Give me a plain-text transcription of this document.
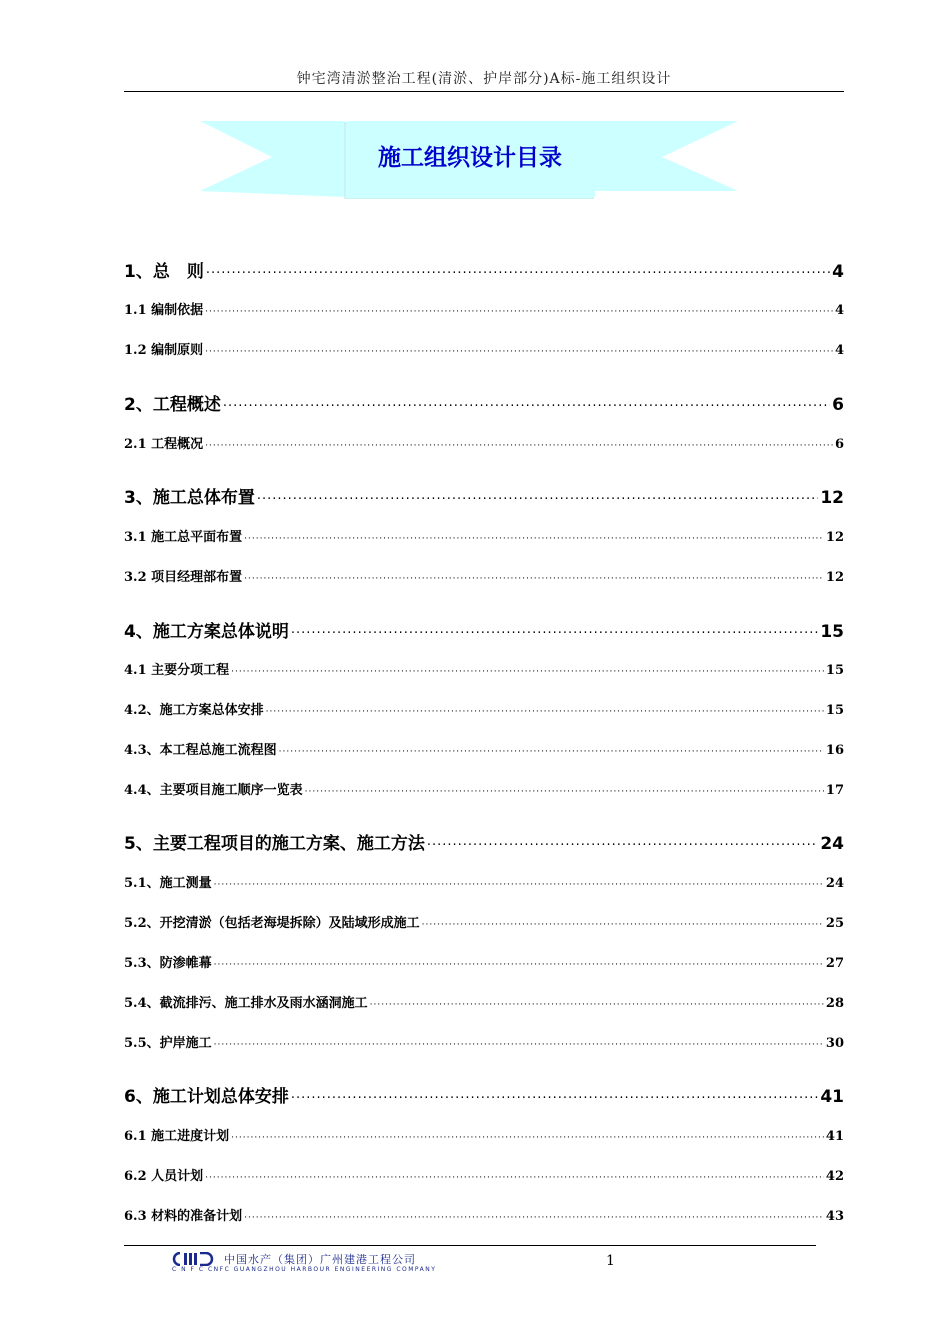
钟宅湾清淤整治工程(清淤、护岸部分)A标-施工组织设计
施工组织设计目录
1、总　则 ·····	4
1.1 编制依据 ·····	4
1.2 编制原则 ·····	4
2、工程概述 ·····	6
2.1 工程概况 ·····	6
3、施工总体布置 ·····	12
3.1 施工总平面布置 ·····	12
3.2 项目经理部布置 ·····	12
4、施工方案总体说明 ·····	15
4.1 主要分项工程 ·····	15
4.2、施工方案总体安排 ·····	15
4.3、本工程总施工流程图 ·····	16
4.4、主要项目施工顺序一览表 ·····	17
5、主要工程项目的施工方案、施工方法 ·····	24
5.1、施工测量 ·····	24
5.2、开挖清淤（包括老海堤拆除）及陆域形成施工 ·····	25
5.3、防渗帷幕 ·····	27
5.4、截流排污、施工排水及雨水涵洞施工 ·····	28
5.5、护岸施工 ·····	30
6、施工计划总体安排 ·····	41
6.1 施工进度计划 ·····	41
6.2 人员计划 ·····	42
6.3 材料的准备计划 ·····	43
中国水产（集团）广州建港工程公司
C N F C CNFC GUANGZHOU HARBOUR ENGINEERING COMPANY
1
